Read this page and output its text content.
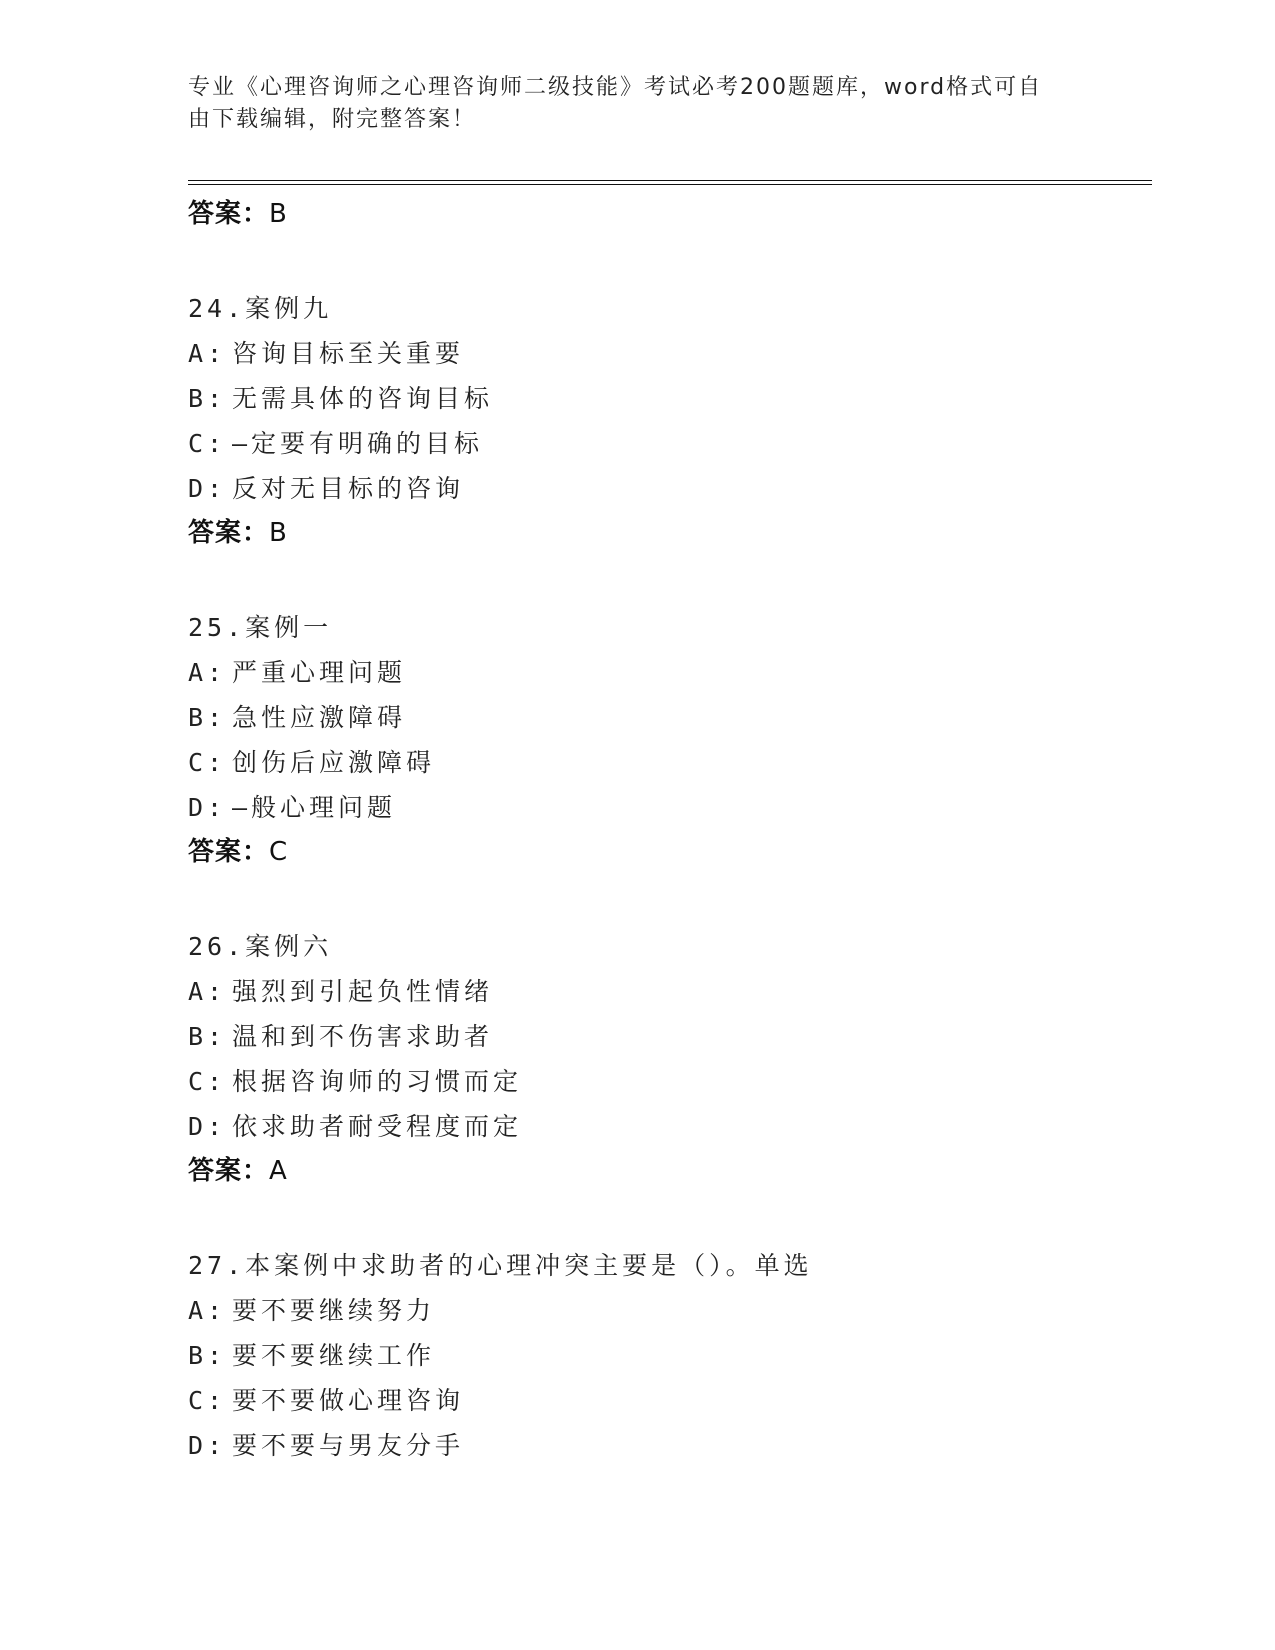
专业《心理咨询师之心理咨询师二级技能》考试必考200题题库，word格式可自
由下载编辑，附完整答案！
答案：B
24.案例九
A: 咨询目标至关重要
B: 无需具体的咨询目标
C: —定要有明确的目标
D: 反对无目标的咨询
答案：B
25.案例一
A: 严重心理问题
B: 急性应激障碍
C: 创伤后应激障碍
D: —般心理问题
答案：C
26.案例六
A: 强烈到引起负性情绪
B: 温和到不伤害求助者
C: 根据咨询师的习惯而定
D: 依求助者耐受程度而定
答案：A
27.本案例中求助者的心理冲突主要是（）。单选
A: 要不要继续努力
B: 要不要继续工作
C: 要不要做心理咨询
D: 要不要与男友分手
